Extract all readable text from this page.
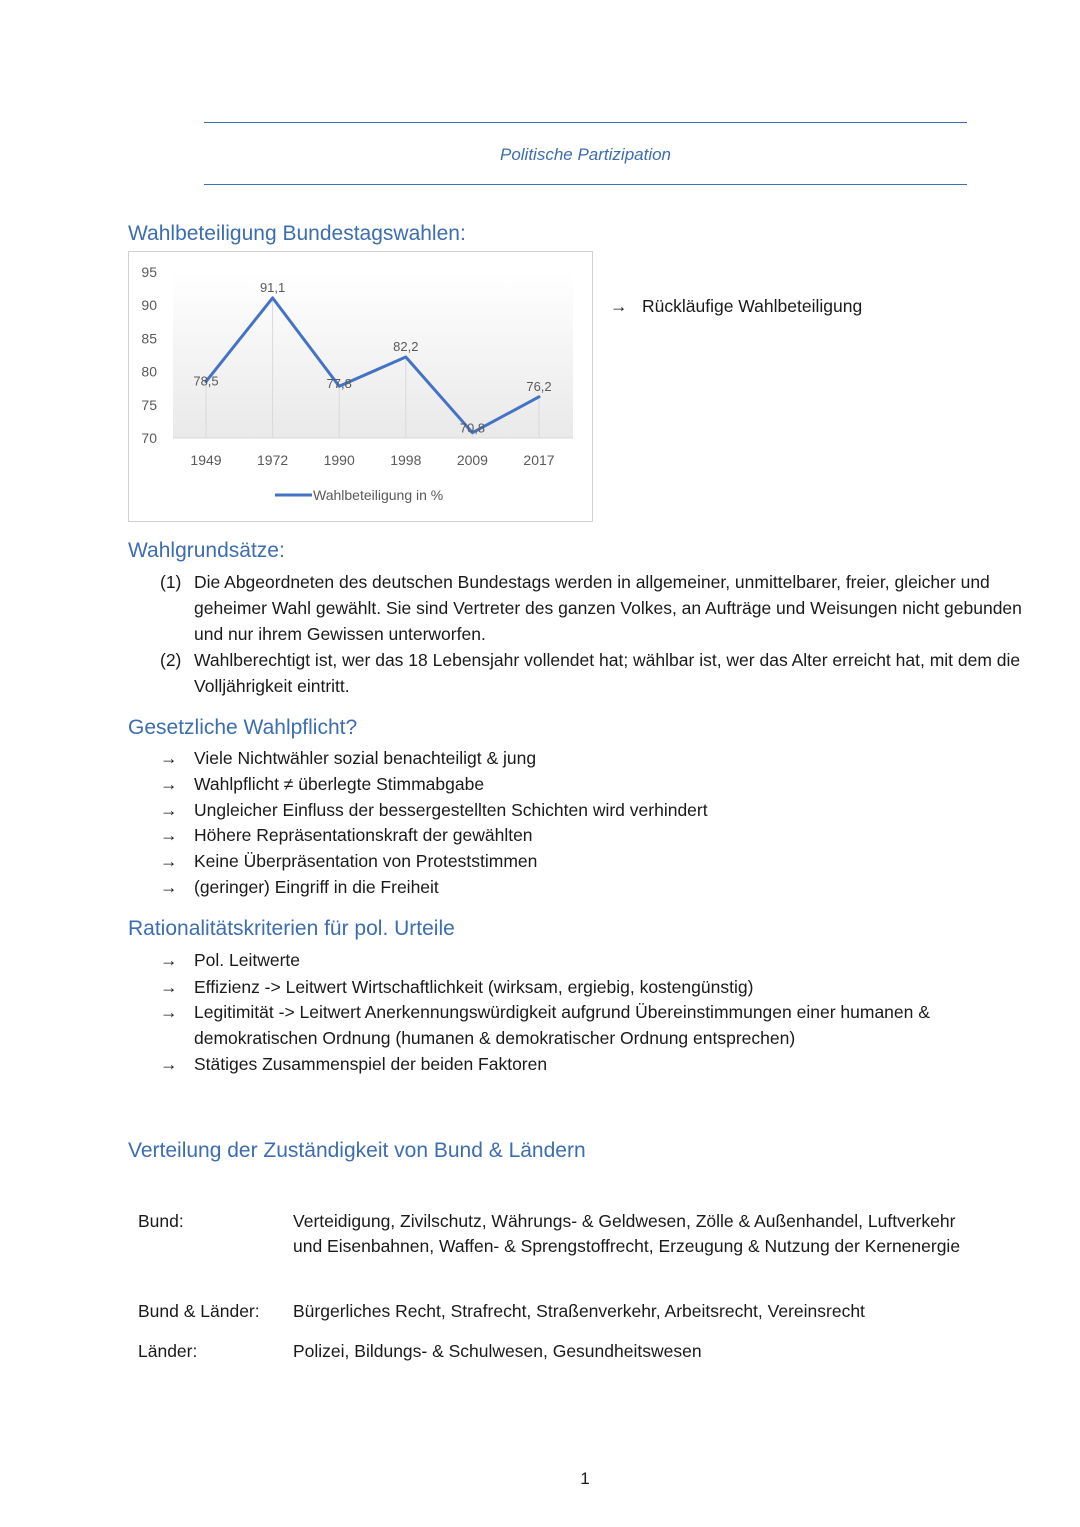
Politische Partizipation
Wahlbeteiligung Bundestagswahlen:
95
90
85
80
75
70
1949	1972	1990	1998	2009	2017
78,5
91,1
77,8
82,2
70,8
76,2
Wahlbeteiligung in %
→ Rückläufige Wahlbeteiligung
Wahlgrundsätze:
(1) Die Abgeordneten des deutschen Bundestags werden in allgemeiner, unmittelbarer, freier, gleicher und geheimer Wahl gewählt. Sie sind Vertreter des ganzen Volkes, an Aufträge und Weisungen nicht gebunden und nur ihrem Gewissen unterworfen.
(2) Wahlberechtigt ist, wer das 18 Lebensjahr vollendet hat; wählbar ist, wer das Alter erreicht hat, mit dem die Volljährigkeit eintritt.
Gesetzliche Wahlpflicht?
→ Viele Nichtwähler sozial benachteiligt & jung
→ Wahlpflicht ≠ überlegte Stimmabgabe
→ Ungleicher Einfluss der bessergestellten Schichten wird verhindert
→ Höhere Repräsentationskraft der gewählten
→ Keine Überpräsentation von Proteststimmen
→ (geringer) Eingriff in die Freiheit
Rationalitätskriterien für pol. Urteile
→ Pol. Leitwerte
→ Effizienz -> Leitwert Wirtschaftlichkeit (wirksam, ergiebig, kostengünstig)
→ Legitimität -> Leitwert Anerkennungswürdigkeit aufgrund Übereinstimmungen einer humanen & demokratischen Ordnung (humanen & demokratischer Ordnung entsprechen)
→ Stätiges Zusammenspiel der beiden Faktoren
Verteilung der Zuständigkeit von Bund & Ländern
Bund:	Verteidigung, Zivilschutz, Währungs- & Geldwesen, Zölle & Außenhandel, Luftverkehr und Eisenbahnen, Waffen- & Sprengstoffrecht, Erzeugung & Nutzung der Kernenergie
Bund & Länder: Bürgerliches Recht, Strafrecht, Straßenverkehr, Arbeitsrecht, Vereinsrecht
Länder:	Polizei, Bildungs- & Schulwesen, Gesundheitswesen
1
